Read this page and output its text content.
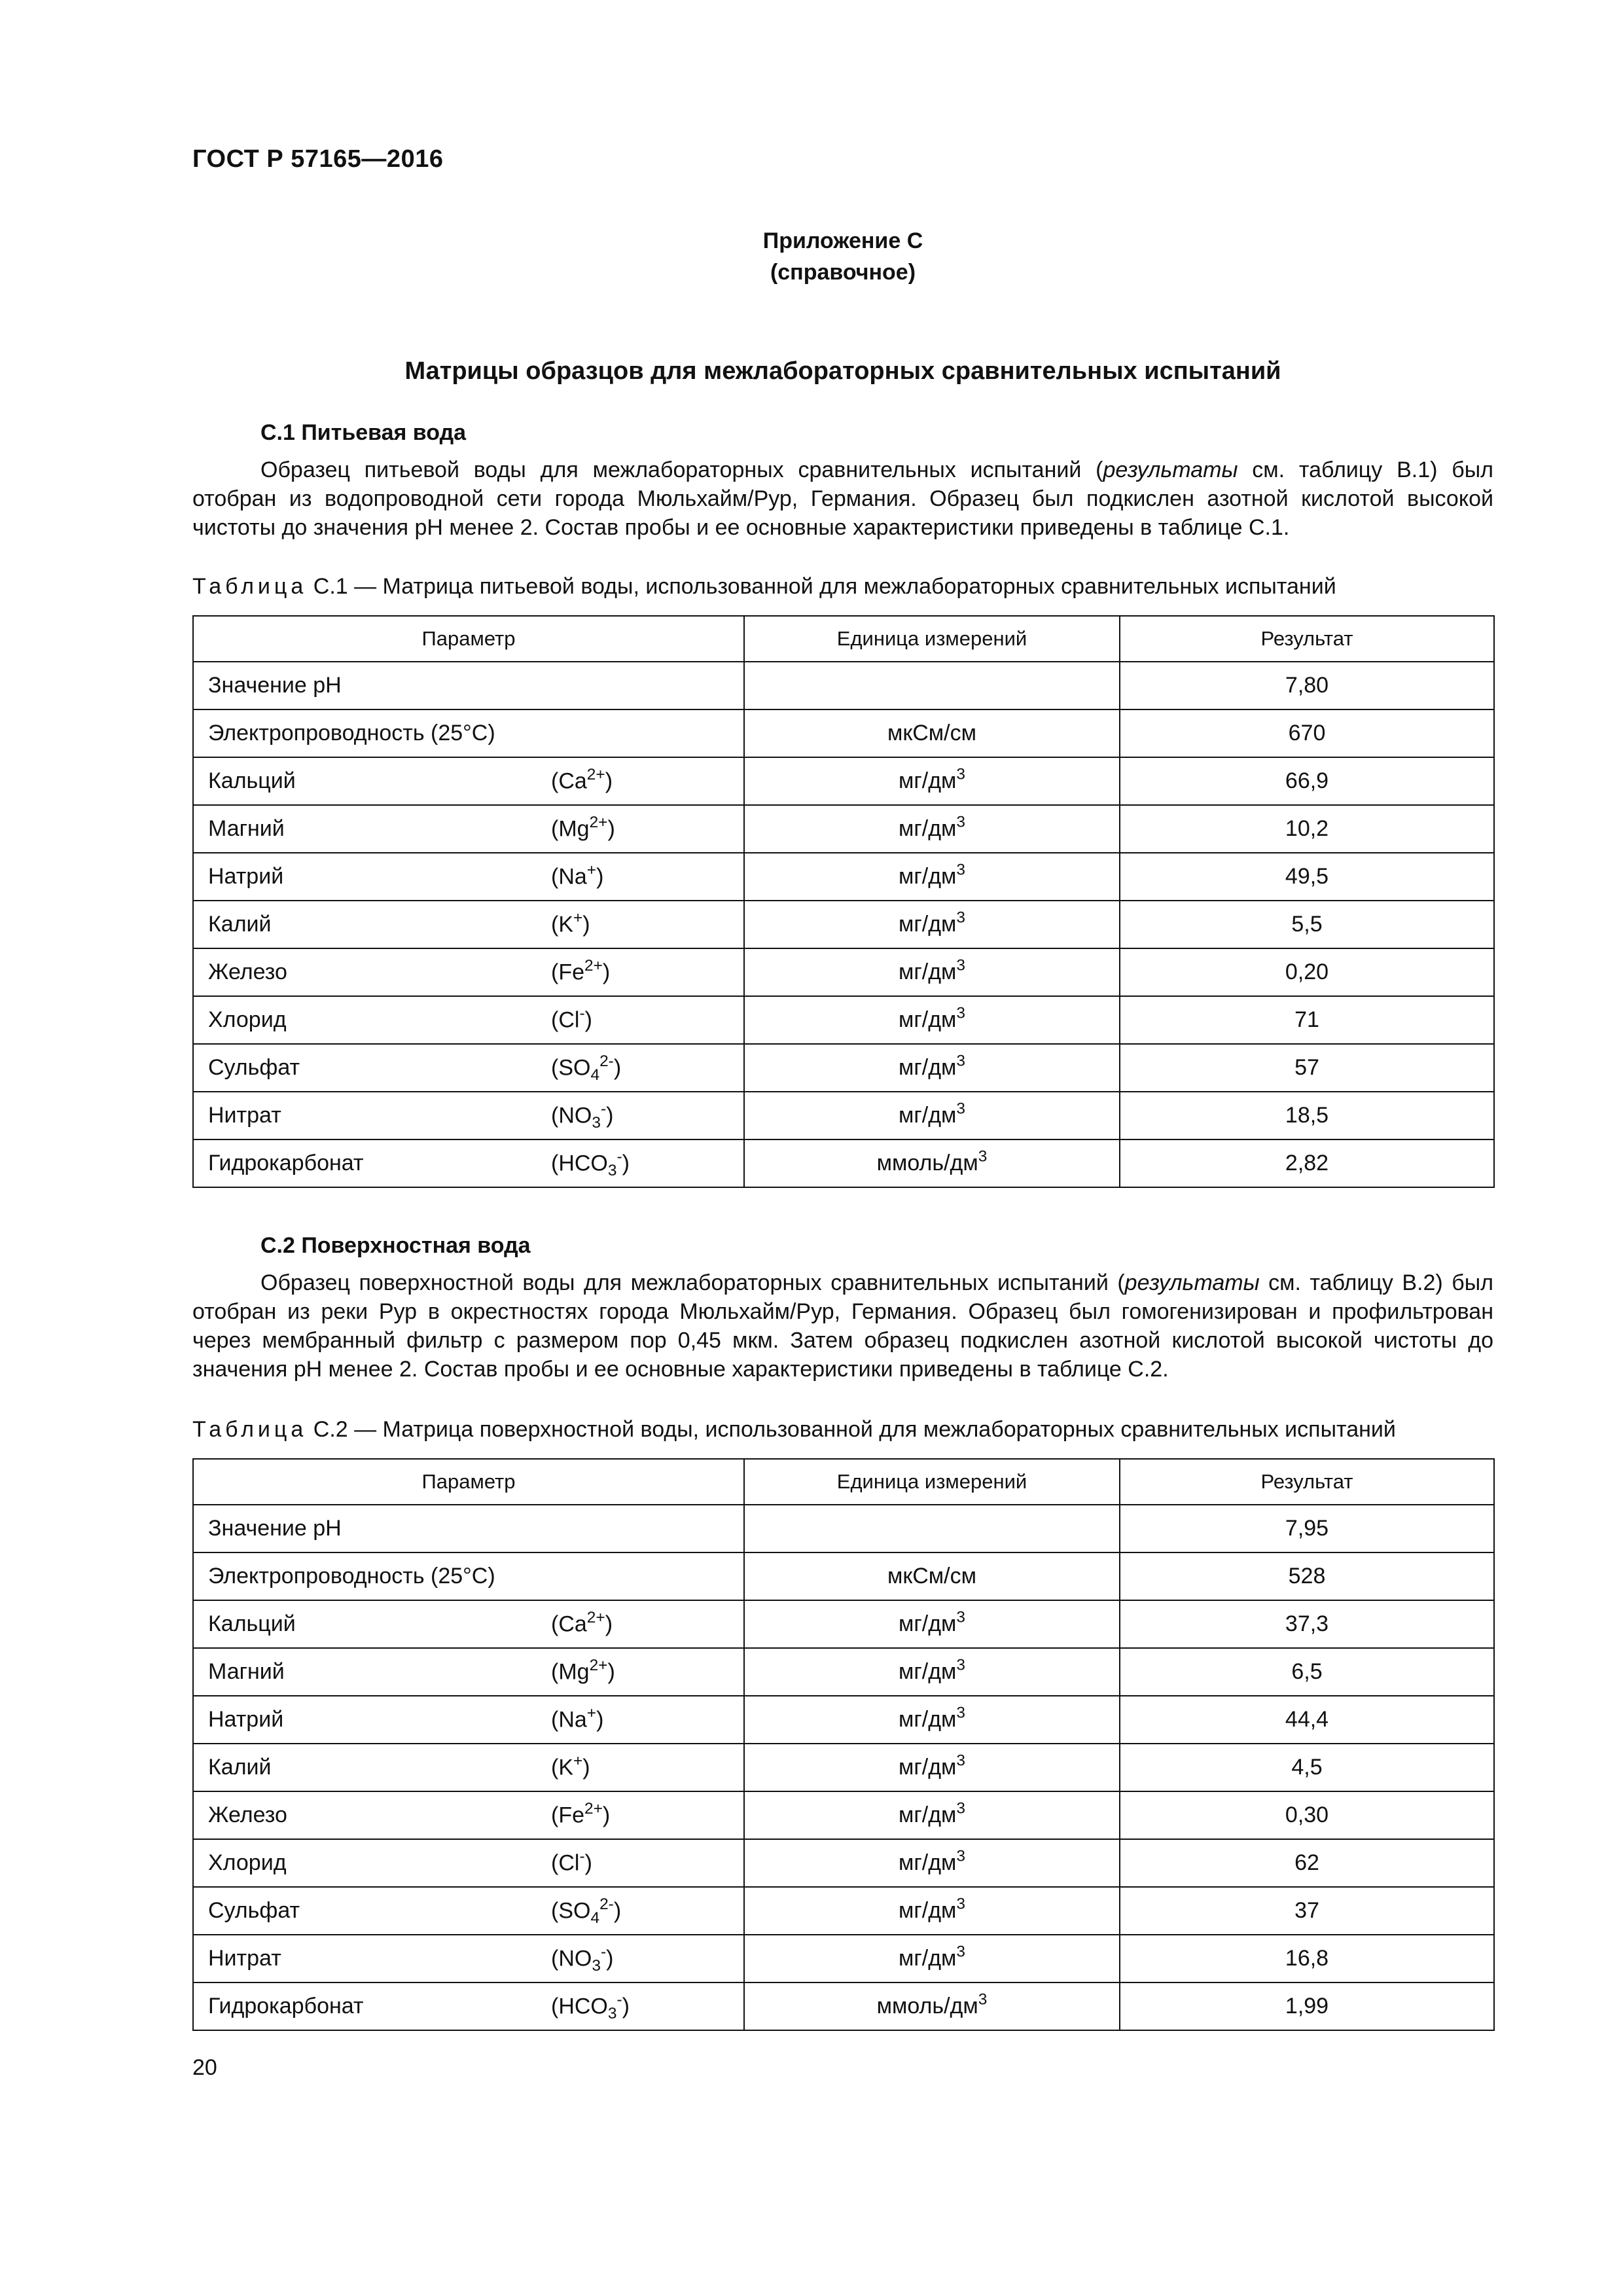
ГОСТ Р 57165—2016
Приложение С
(справочное)
Матрицы образцов для межлабораторных сравнительных испытаний
С.1 Питьевая вода

Образец питьевой воды для межлабораторных сравнительных испытаний (результаты см. таблицу В.1) был отобран из водопроводной сети города Мюльхайм/Рур, Германия. Образец был подкислен азотной кислотой высокой чистоты до значения рН менее 2. Состав пробы и ее основные характеристики приведены в таблице С.1.

Таблица С.1 — Матрица питьевой воды, использованной для межлабораторных сравнительных испытаний
Параметр	Единица измерений	Результат
Значение рН		7,80
Электропроводность (25°С)	мкСм/см	670
Кальций $(Ca^{2+})$	$мг/дм^3$	66,9
Магний $(Mg^{2+})$	$мг/дм^3$	10,2
Натрий (Na+)	$мг/дм^3$	49,5
Калий (K+)	$мг/дм^3$	5,5
Железо $(Fe^{2+})$	$мг/дм^3$	0,20
Хлорид (Cl-)	$мг/дм^3$	71
Сульфат $(SO_4^{2-})$	$мг/дм^3$	57
Нитрат $(NO_3^-)$	$мг/дм^3$	18,5
Гидрокарбонат $(HCO_3^-)$	ммоль/$дм^3$	2,82
С.2 Поверхностная вода

Образец поверхностной воды для межлабораторных сравнительных испытаний (результаты см. таблицу В.2) был отобран из реки Рур в окрестностях города Мюльхайм/Рур, Германия. Образец был гомогенизирован и профильтрован через мембранный фильтр с размером пор 0,45 мкм. Затем образец подкислен азотной кислотой высокой чистоты до значения рН менее 2. Состав пробы и ее основные характеристики приведены в таблице С.2.

Таблица С.2 — Матрица поверхностной воды, использованной для межлабораторных сравнительных испытаний
Параметр	Единица измерений	Результат
Значение рН		7,95
Электропроводность (25°С)	мкСм/см	528
Кальций $(Ca^{2+})$	$мг/дм^3$	37,3
Магний $(Mg^{2+})$	$мг/дм^3$	6,5
Натрий (Na+)	$мг/дм^3$	44,4
Калий (K+)	$мг/дм^3$	4,5
Железо $(Fe^{2+})$	$мг/дм^3$	0,30
Хлорид (Cl-)	$мг/дм^3$	62
Сульфат $(SO_4^{2-})$	$мг/дм^3$	37
Нитрат $(NO_3^-)$	$мг/дм^3$	16,8
Гидрокарбонат $(HCO_3^-)$	ммоль/$дм^3$	1,99
20
